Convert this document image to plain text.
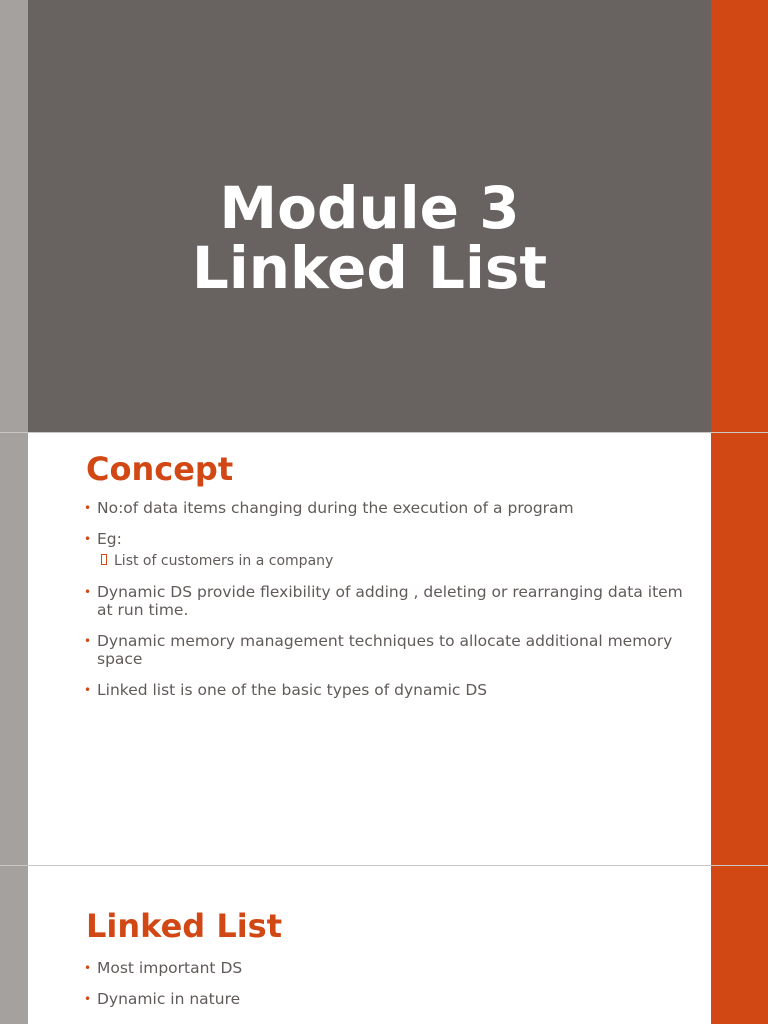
Module 3
Linked List
Concept
• No:of data items changing during the execution of a program
• Eg:
List of customers in a company
• Dynamic DS provide flexibility of adding , deleting or rearranging data item at run time.
• Dynamic memory management techniques to allocate additional memory space
• Linked list is one of the basic types of dynamic DS
Linked List
• Most important DS
• Dynamic in nature
